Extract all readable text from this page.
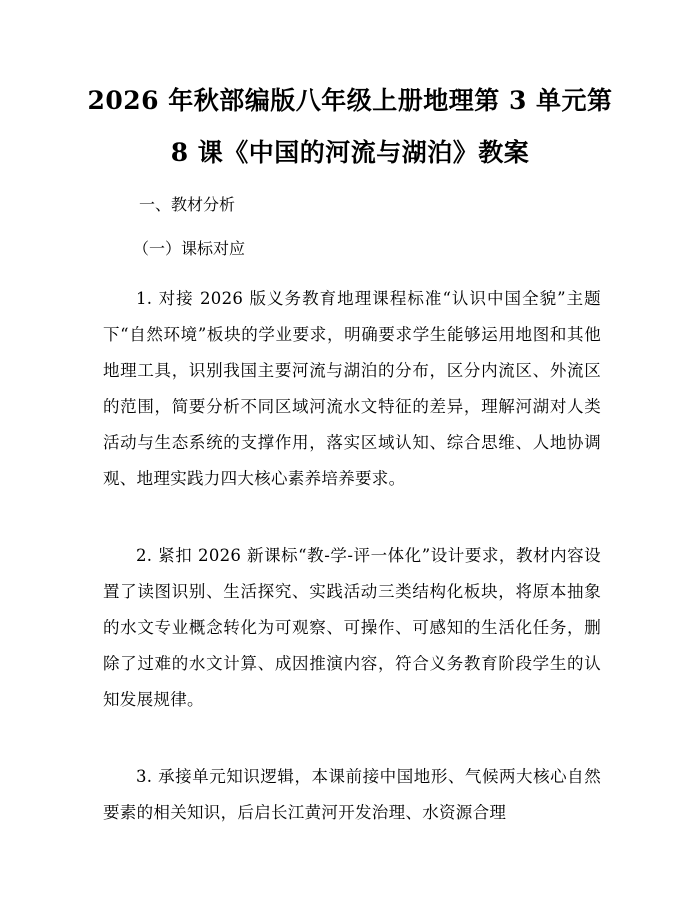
2026 年秋部编版八年级上册地理第 3 单元第
8 课《中国的河流与湖泊》教案
一、教材分析
（一）课标对应
1. 对接 2026 版义务教育地理课程标准“认识中国全貌”主题下“自然环境”板块的学业要求，明确要求学生能够运用地图和其他地理工具，识别我国主要河流与湖泊的分布，区分内流区、外流区的范围，简要分析不同区域河流水文特征的差异，理解河湖对人类活动与生态系统的支撑作用，落实区域认知、综合思维、人地协调观、地理实践力四大核心素养培养要求。
2. 紧扣 2026 新课标“教-学-评一体化”设计要求，教材内容设置了读图识别、生活探究、实践活动三类结构化板块，将原本抽象的水文专业概念转化为可观察、可操作、可感知的生活化任务，删除了过难的水文计算、成因推演内容，符合义务教育阶段学生的认知发展规律。
3. 承接单元知识逻辑，本课前接中国地形、气候两大核心自然要素的相关知识，后启长江黄河开发治理、水资源合理
